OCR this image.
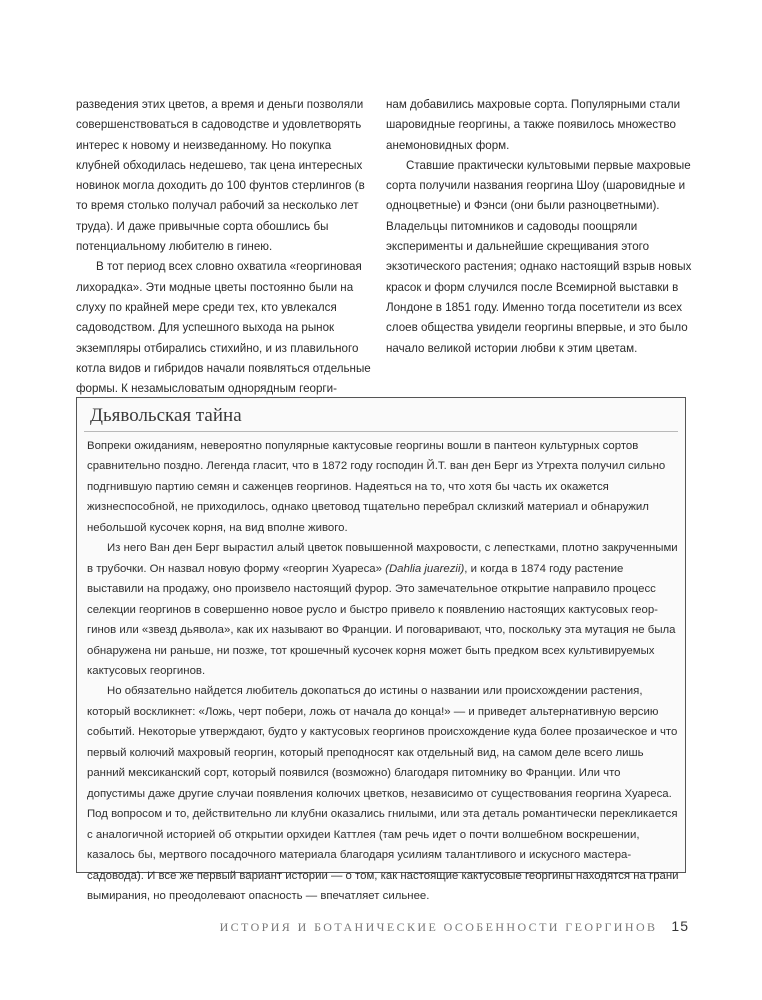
разведения этих цветов, а время и деньги позволяли совершенствоваться в садоводстве и удовлетворять интерес к новому и неизведанному. Но покупка клубней обходилась недешево, так цена интересных новинок могла доходить до 100 фунтов стерлингов (в то время столько получал рабочий за несколько лет труда). И даже привычные сорта обошлись бы потенциальному любителю в гинею.

В тот период всех словно охватила «георгиновая лихорадка». Эти модные цветы постоянно были на слуху по крайней мере среди тех, кто увлекался садоводством. Для успешного выхода на рынок экземпляры отбирались стихийно, и из плавильного котла видов и гибридов начали появляться отдельные формы. К незамысловатым однорядным георги-

нам добавились махровые сорта. Популярными стали шаровидные георгины, а также появилось множество анемоновидных форм.

Ставшие практически культовыми первые махровые сорта получили названия георгина Шоу (шаровидные и одноцветные) и Фэнси (они были разноцветными). Владельцы питомников и садоводы поощряли эксперименты и дальнейшие скрещивания этого экзотического растения; однако настоящий взрыв новых красок и форм случился после Всемирной выставки в Лондоне в 1851 году. Именно тогда посетители из всех слоев общества увидели георгины впервые, и это было начало великой истории любви к этим цветам.

Дьявольская тайна

Вопреки ожиданиям, невероятно популярные кактусовые георгины вошли в пантеон культурных сортов сравнительно поздно. Легенда гласит, что в 1872 году господин Й.Т. ван ден Берг из Утрехта получил сильно подгнившую партию семян и саженцев георгинов. Надеяться на то, что хотя бы часть их окажется жизнеспособной, не приходилось, однако цветовод тщательно перебрал склизкий материал и обнаружил небольшой кусочек корня, на вид вполне живого.

Из него Ван ден Берг вырастил алый цветок повышенной махровости, с лепестками, плотно закрученными в трубочки. Он назвал новую форму «георгин Хуареса» (Dahlia juarezii), и когда в 1874 году растение выставили на продажу, оно произвело настоящий фурор. Это замечательное открытие направило процесс селекции георгинов в совершенно новое русло и быстро привело к появлению настоящих кактусовых георгинов или «звезд дьявола», как их называют во Франции. И поговаривают, что, поскольку эта мутация не была обнаружена ни раньше, ни позже, тот крошечный кусочек корня может быть предком всех культивируемых кактусовых георгинов.

Но обязательно найдется любитель докопаться до истины о названии или происхождении растения, который воскликнет: «Ложь, черт побери, ложь от начала до конца!» — и приведет альтернативную версию событий. Некоторые утверждают, будто у кактусовых георгинов происхождение куда более прозаическое и что первый колючий махровый георгин, который преподносят как отдельный вид, на самом деле всего лишь ранний мексиканский сорт, который появился (возможно) благодаря питомнику во Франции. Или что допустимы даже другие случаи появления колючих цветков, независимо от существования георгина Хуареса. Под вопросом и то, действительно ли клубни оказались гнилыми, или эта деталь романтически перекликается с аналогичной историей об открытии орхидеи Каттлея (там речь идет о почти волшебном воскрешении, казалось бы, мертвого посадочного материала благодаря усилиям талантливого и искусного мастера-садовода). И все же первый вариант истории — о том, как настоящие кактусовые георгины находятся на грани вымирания, но преодолевают опасность — впечатляет сильнее.

ИСТОРИЯ И БОТАНИЧЕСКИЕ ОСОБЕННОСТИ ГЕОРГИНОВ 15
